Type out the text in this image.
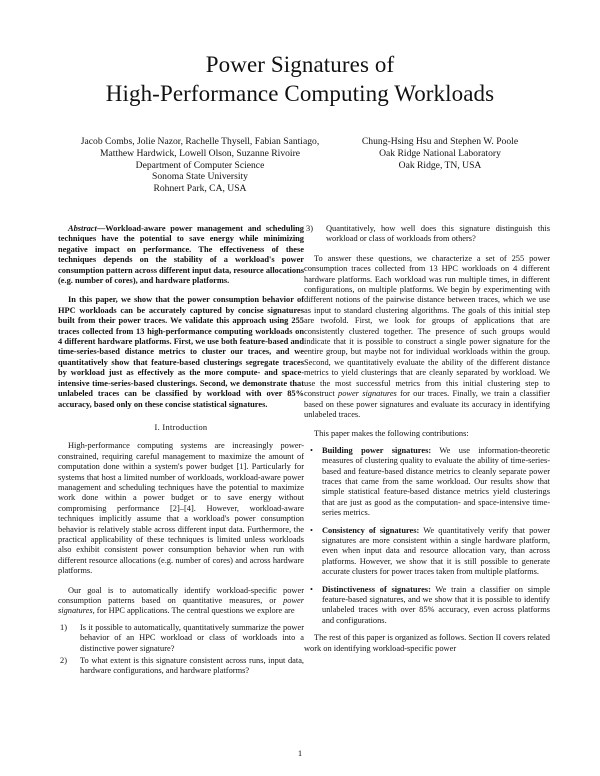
Power Signatures of
High-Performance Computing Workloads
Jacob Combs, Jolie Nazor, Rachelle Thysell, Fabian Santiago,
Matthew Hardwick, Lowell Olson, Suzanne Rivoire
Department of Computer Science
Sonoma State University
Rohnert Park, CA, USA
Chung-Hsing Hsu and Stephen W. Poole
Oak Ridge National Laboratory
Oak Ridge, TN, USA

Abstract—Workload-aware power management and scheduling techniques have the potential to save energy while minimizing negative impact on performance. The effectiveness of these techniques depends on the stability of a workload's power consumption pattern across different input data, resource allocations (e.g. number of cores), and hardware platforms.

In this paper, we show that the power consumption behavior of HPC workloads can be accurately captured by concise signatures built from their power traces. We validate this approach using 255 traces collected from 13 high-performance computing workloads on 4 different hardware platforms. First, we use both feature-based and time-series-based distance metrics to cluster our traces, and we quantitatively show that feature-based clusterings segregate traces by workload just as effectively as the more compute- and space-intensive time-series-based clusterings. Second, we demonstrate that unlabeled traces can be classified by workload with over 85% accuracy, based only on these concise statistical signatures.

I. Introduction

High-performance computing systems are increasingly power-constrained, requiring careful management to maximize the amount of computation done within a system's power budget [1]. Particularly for systems that host a limited number of workloads, workload-aware power management and scheduling techniques have the potential to maximize work done within a power budget or to save energy without compromising performance [2]–[4]. However, workload-aware techniques implicitly assume that a workload's power consumption behavior is relatively stable across different input data. Furthermore, the practical applicability of these techniques is limited unless workloads also exhibit consistent power consumption behavior when run with different resource allocations (e.g. number of cores) and across hardware platforms.

Our goal is to automatically identify workload-specific power consumption patterns based on quantitative measures, or power signatures, for HPC applications. The central questions we explore are

1) Is it possible to automatically, quantitatively summarize the power behavior of an HPC workload or class of workloads into a distinctive power signature?
2) To what extent is this signature consistent across runs, input data, hardware configurations, and hardware platforms?
3) Quantitatively, how well does this signature distinguish this workload or class of workloads from others?

To answer these questions, we characterize a set of 255 power consumption traces collected from 13 HPC workloads on 4 different hardware platforms. Each workload was run multiple times, in different configurations, on multiple platforms. We begin by experimenting with different notions of the pairwise distance between traces, which we use as input to standard clustering algorithms. The goals of this initial step are twofold. First, we look for groups of applications that are consistently clustered together. The presence of such groups would indicate that it is possible to construct a single power signature for the entire group, but maybe not for individual workloads within the group. Second, we quantitatively evaluate the ability of the different distance metrics to yield clusterings that are cleanly separated by workload. We use the most successful metrics from this initial clustering step to construct power signatures for our traces. Finally, we train a classifier based on these power signatures and evaluate its accuracy in identifying unlabeled traces.

This paper makes the following contributions:

• Building power signatures: We use information-theoretic measures of clustering quality to evaluate the ability of time-series-based and feature-based distance metrics to cleanly separate power traces that came from the same workload. Our results show that simple statistical feature-based distance metrics yield clusterings that are just as good as the computation- and space-intensive time-series metrics.
• Consistency of signatures: We quantitatively verify that power signatures are more consistent within a single hardware platform, even when input data and resource allocation vary, than across platforms. However, we show that it is still possible to generate accurate clusters for power traces taken from multiple platforms.
• Distinctiveness of signatures: We train a classifier on simple feature-based signatures, and we show that it is possible to identify unlabeled traces with over 85% accuracy, even across platforms and configurations.

The rest of this paper is organized as follows. Section II covers related work on identifying workload-specific power

1
